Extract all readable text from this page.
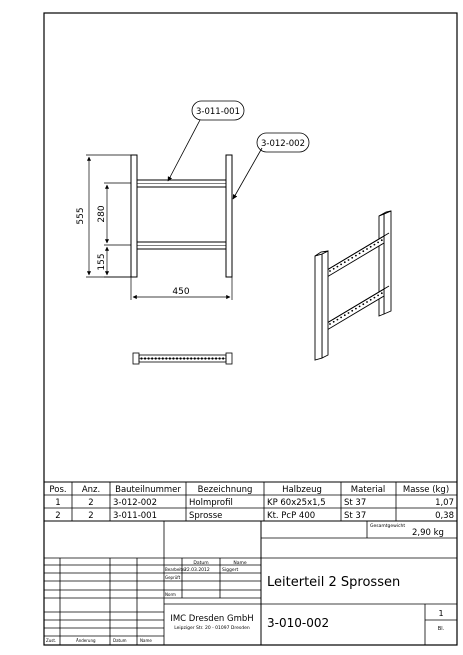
555 280
155
450
3-011-001
3-012-002
Pos. Anz. Bauteilnummer Bezeichnung	Halbzeug	Material Masse (kg)
1	2 3-012-002	Holmprofil	KP 60x25x1,5 St 37	1,07
2	2 3-011-001	Sprosse	Kt. PcP 400	St 37	0,38
Gesamtgewicht
2,90 kg
Datum	Name
Bearbeiter
22.03.2012	Siggert
Geprüft
Norm
Leiterteil 2 Sprossen
IMC Dresden GmbH
Leipziger Str. 20 - 01097 Dresden 3-010-002
1
Bl.
Zust.	Änderung	Datum	Name
